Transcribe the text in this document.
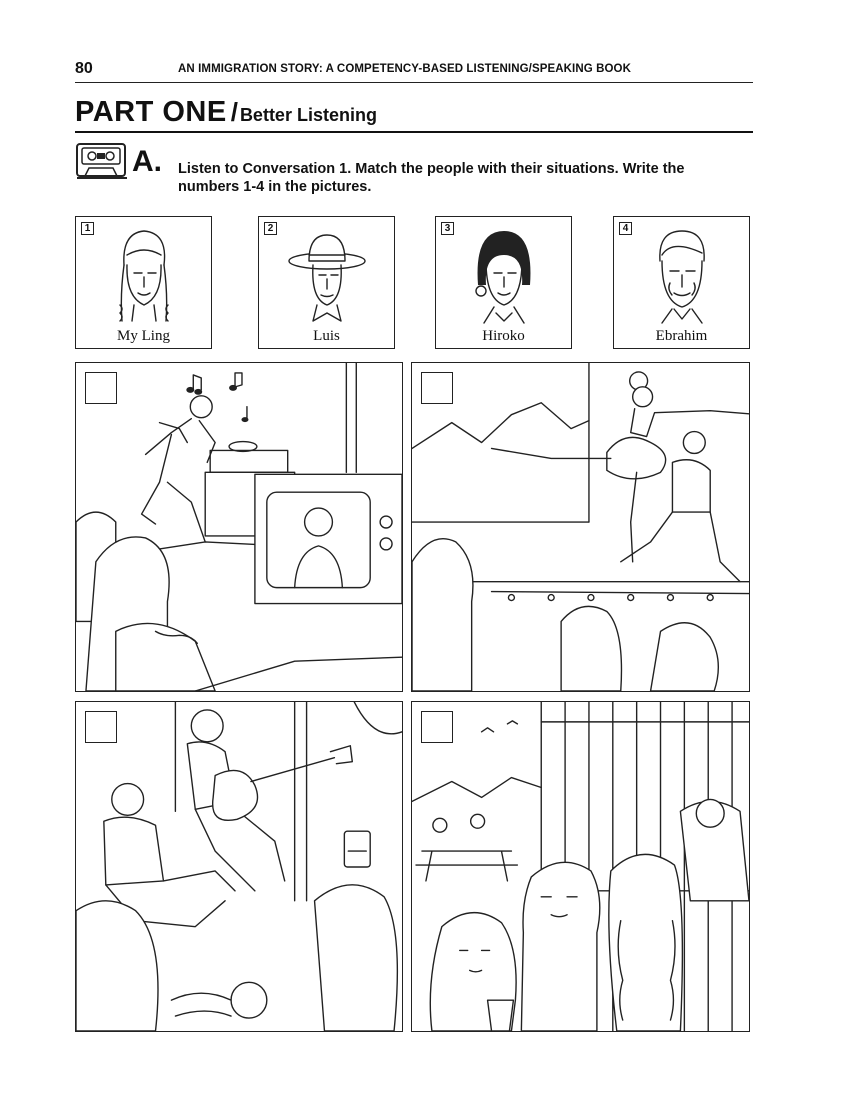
80	AN IMMIGRATION STORY: A COMPETENCY-BASED LISTENING/SPEAKING BOOK
PART ONE / Better Listening
A. Listen to Conversation 1. Match the people with their situations. Write the numbers 1-4 in the pictures.
1
My Ling
2
Luis
3
Hiroko
4
Ebrahim
